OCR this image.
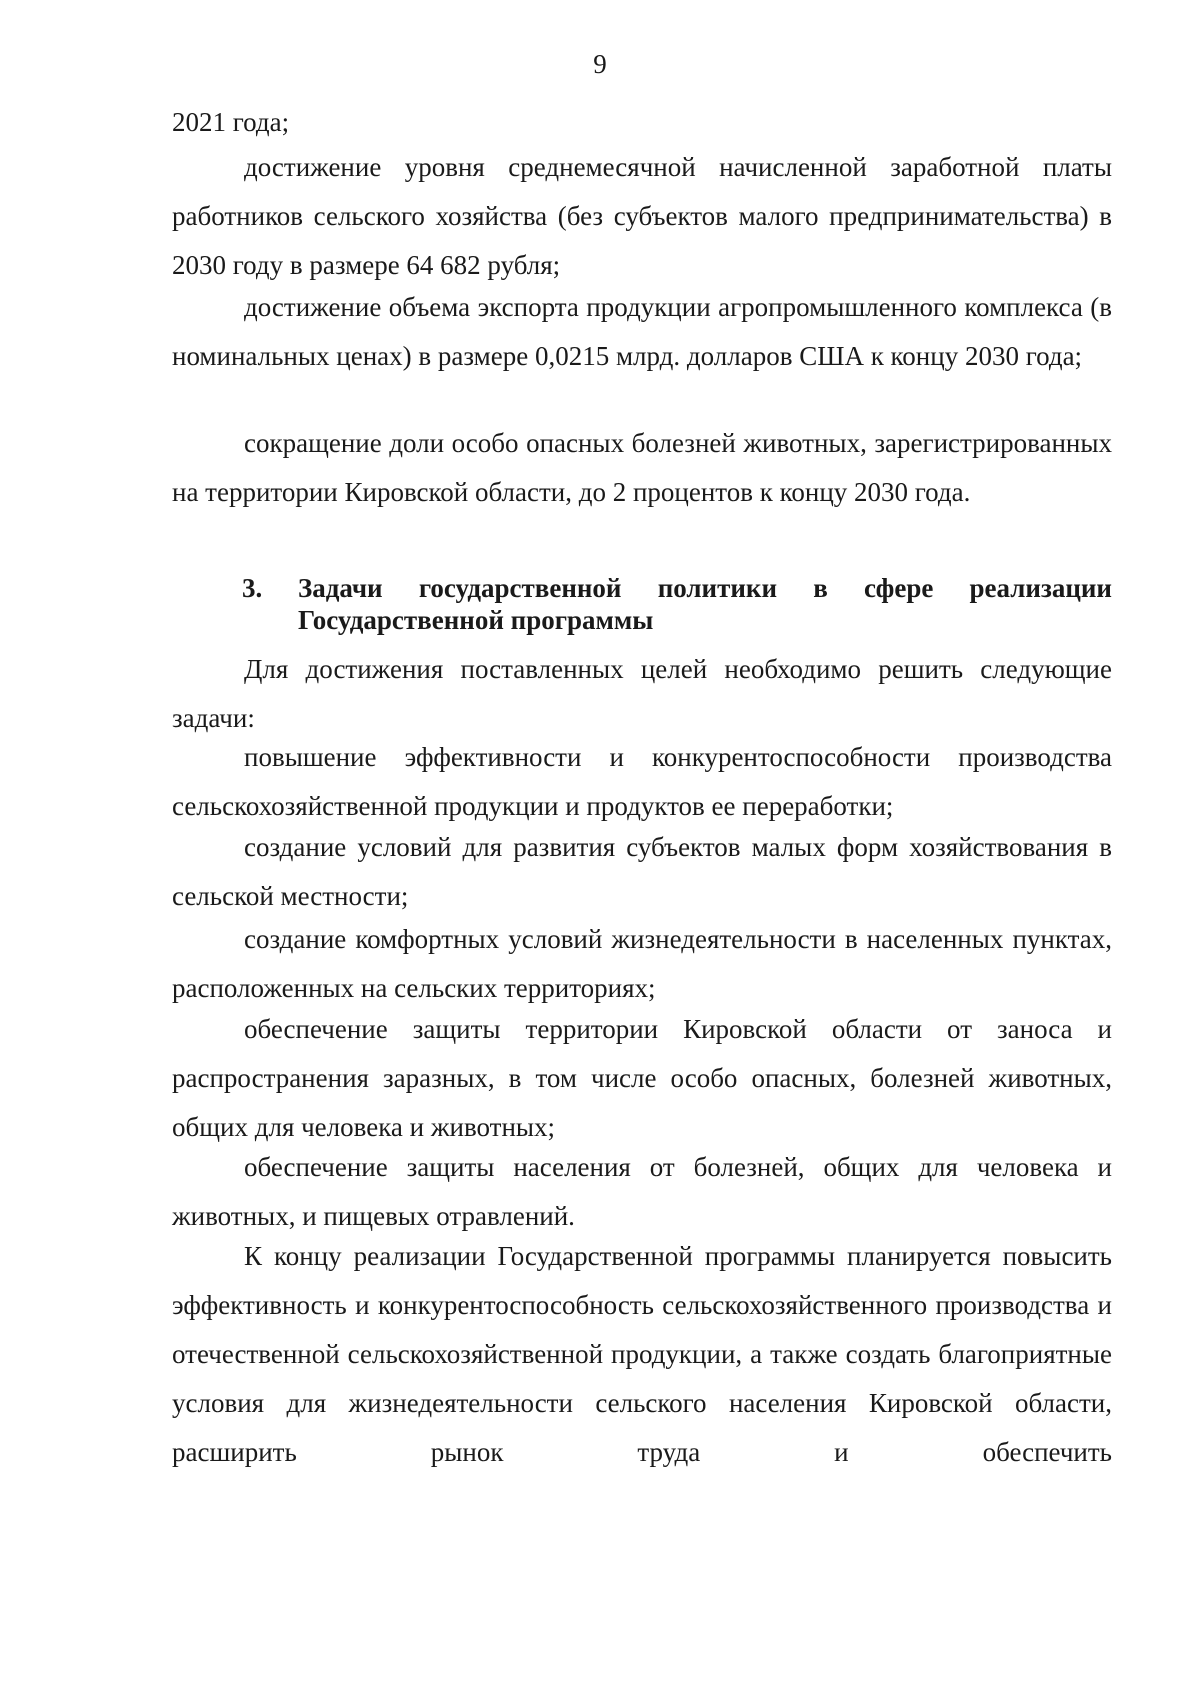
9

2021 года;

достижение уровня среднемесячной начисленной заработной платы работников сельского хозяйства (без субъектов малого предпринимательства) в 2030 году в размере 64 682 рубля;

достижение объема экспорта продукции агропромышленного комплекса (в номинальных ценах) в размере 0,0215 млрд. долларов США к концу 2030 года;

сокращение доли особо опасных болезней животных, зарегистрированных на территории Кировской области, до 2 процентов к концу 2030 года.

3. Задачи государственной политики в сфере реализации Государственной программы

Для достижения поставленных целей необходимо решить следующие задачи:

повышение эффективности и конкурентоспособности производства сельскохозяйственной продукции и продуктов ее переработки;

создание условий для развития субъектов малых форм хозяйствования в сельской местности;

создание комфортных условий жизнедеятельности в населенных пунктах, расположенных на сельских территориях;

обеспечение защиты территории Кировской области от заноса и распространения заразных, в том числе особо опасных, болезней животных, общих для человека и животных;

обеспечение защиты населения от болезней, общих для человека и животных, и пищевых отравлений.

К концу реализации Государственной программы планируется повысить эффективность и конкурентоспособность сельскохозяйственного производства и отечественной сельскохозяйственной продукции, а также создать благоприятные условия для жизнедеятельности сельского населения Кировской области, расширить рынок труда и обеспечить
